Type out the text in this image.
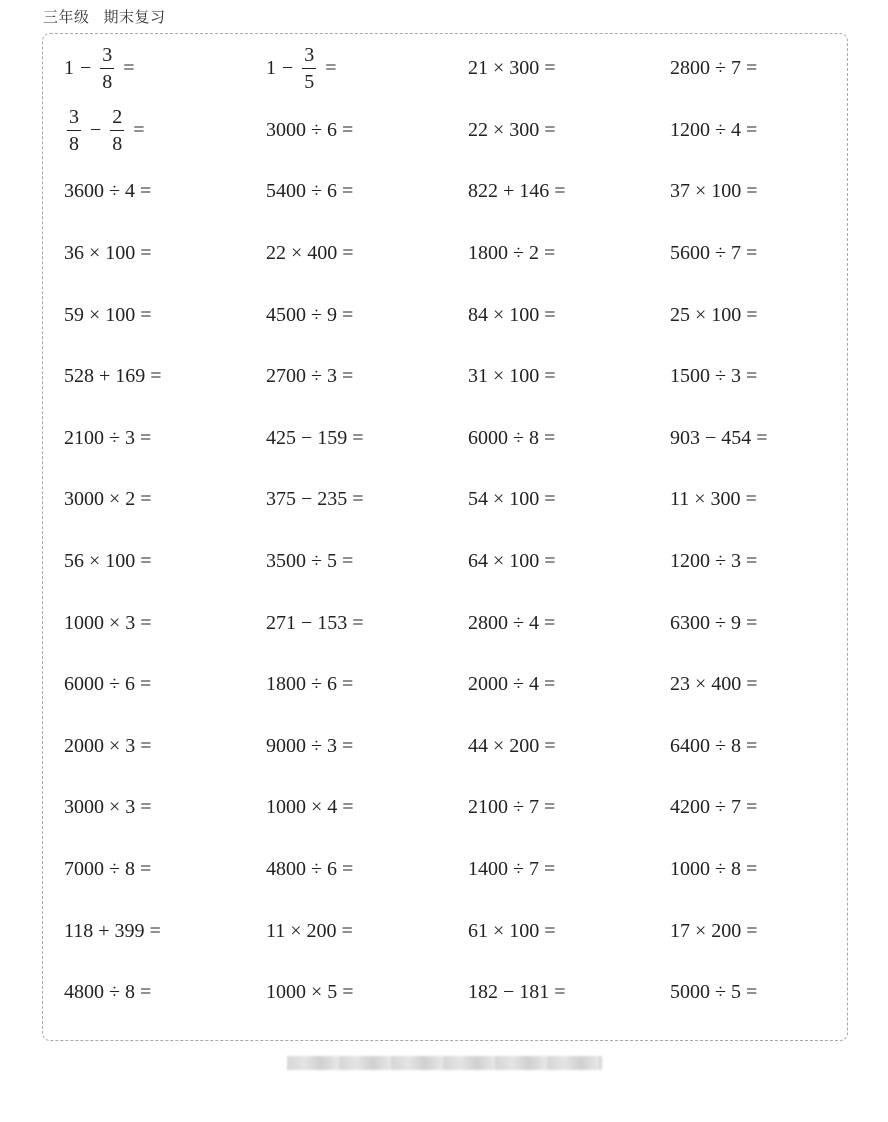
三年级 期末复习
$1 - \frac{3}{8}$ =	$1 - \frac{3}{5}$ =	21 × 300 =	2800 ÷ 7 =
$\frac{3}{8} - \frac{2}{8}$ =	3000 ÷ 6 =	22 × 300 =	1200 ÷ 4 =
3600 ÷ 4 =	5400 ÷ 6 =	822 + 146 =	37 × 100 =
36 × 100 =	22 × 400 =	1800 ÷ 2 =	5600 ÷ 7 =
59 × 100 =	4500 ÷ 9 =	84 × 100 =	25 × 100 =
528 + 169 =	2700 ÷ 3 =	31 × 100 =	1500 ÷ 3 =
2100 ÷ 3 =	425 − 159 =	6000 ÷ 8 =	903 − 454 =
3000 × 2 =	375 − 235 =	54 × 100 =	11 × 300 =
56 × 100 =	3500 ÷ 5 =	64 × 100 =	1200 ÷ 3 =
1000 × 3 =	271 − 153 =	2800 ÷ 4 =	6300 ÷ 9 =
6000 ÷ 6 =	1800 ÷ 6 =	2000 ÷ 4 =	23 × 400 =
2000 × 3 =	9000 ÷ 3 =	44 × 200 =	6400 ÷ 8 =
3000 × 3 =	1000 × 4 =	2100 ÷ 7 =	4200 ÷ 7 =
7000 ÷ 8 =	4800 ÷ 6 =	1400 ÷ 7 =	1000 ÷ 8 =
118 + 399 =	11 × 200 =	61 × 100 =	17 × 200 =
4800 ÷ 8 =	1000 × 5 =	182 − 181 =	5000 ÷ 5 =
